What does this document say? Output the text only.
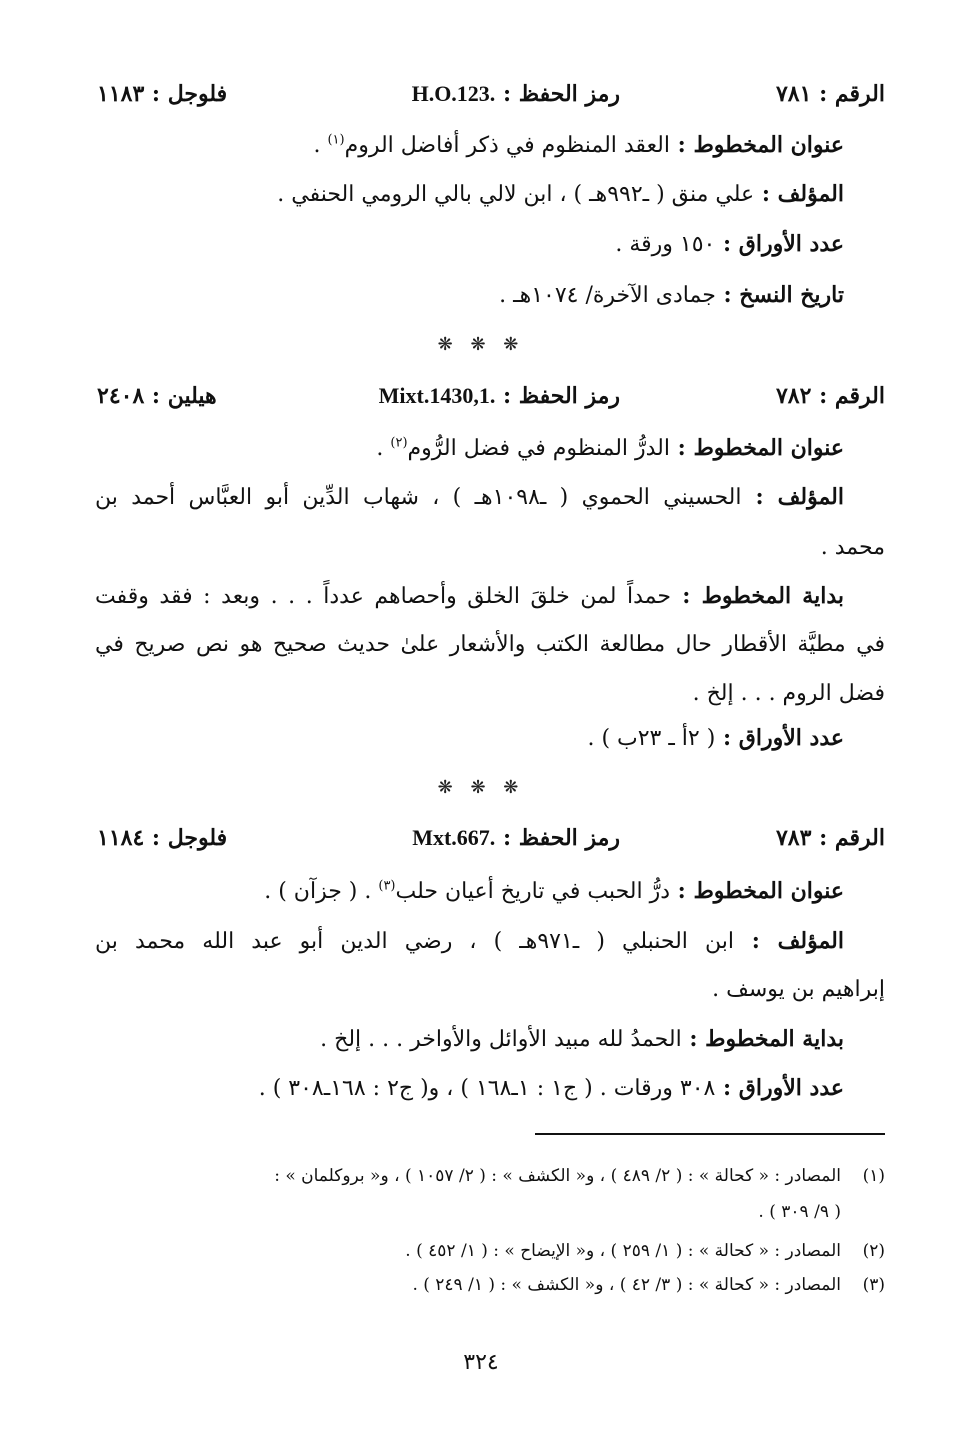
الرقم : ٧٨١
رمز الحفظ : H.O.123.
فلوجل : ١١٨٣
عنوان المخطوط : العقد المنظوم في ذكر أفاضل الروم$^{(١)}$ .
المؤلف : علي منق ( ـ٩٩٢هـ ) ، ابن لالي بالي الرومي الحنفي .
عدد الأوراق : ١٥٠ ورقة .
تاريخ النسخ : جمادى الآخرة/ ١٠٧٤هـ .
❋ ❋ ❋
الرقم : ٧٨٢
رمز الحفظ : Mixt.1430,1.
هيلين : ٢٤٠٨
عنوان المخطوط : الدرُّ المنظوم في فضل الرُّوم$^{(٢)}$ .
المؤلف : الحسيني الحموي ( ـ١٠٩٨هـ ) ، شهاب الدِّين أبو العبَّاس أحمد بن
محمد .
بداية المخطوط : حمداً لمن خلقَ الخلق وأحصاهم عدداً . . . وبعد : فقد وقفت
في مطيَّة الأقطار حال مطالعة الكتب والأشعار علىٰ حديث صحيح هو نص صريح في
فضل الروم . . . إلخ .
عدد الأوراق : ( ٢أ ـ ٢٣ب ) .
❋ ❋ ❋
الرقم : ٧٨٣
رمز الحفظ : Mxt.667.
فلوجل : ١١٨٤
عنوان المخطوط : درُّ الحبب في تاريخ أعيان حلب$^{(٣)}$ . ( جزآن ) .
المؤلف : ابن الحنبلي ( ـ٩٧١هـ ) ، رضي الدين أبو عبد الله محمد بن
إبراهيم بن يوسف .
بداية المخطوط : الحمدُ لله مبيد الأوائل والأواخر . . . إلخ .
عدد الأوراق : ٣٠٨ ورقات . ( ج١ : ١ـ١٦٨ ) ، و( ج٢ : ١٦٨ـ٣٠٨ ) .
(١)المصادر : « كحالة » : ( ٢/ ٤٨٩ ) ، و« الكشف » : ( ٢/ ١٠٥٧ ) ، و« بروكلمان » :
( ٩/ ٣٠٩ ) .
(٢)المصادر : « كحالة » : ( ١/ ٢٥٩ ) ، و« الإيضاح » : ( ١/ ٤٥٢ ) .
(٣)المصادر : « كحالة » : ( ٣/ ٤٢ ) ، و« الكشف » : ( ١/ ٢٤٩ ) .
٣٢٤
